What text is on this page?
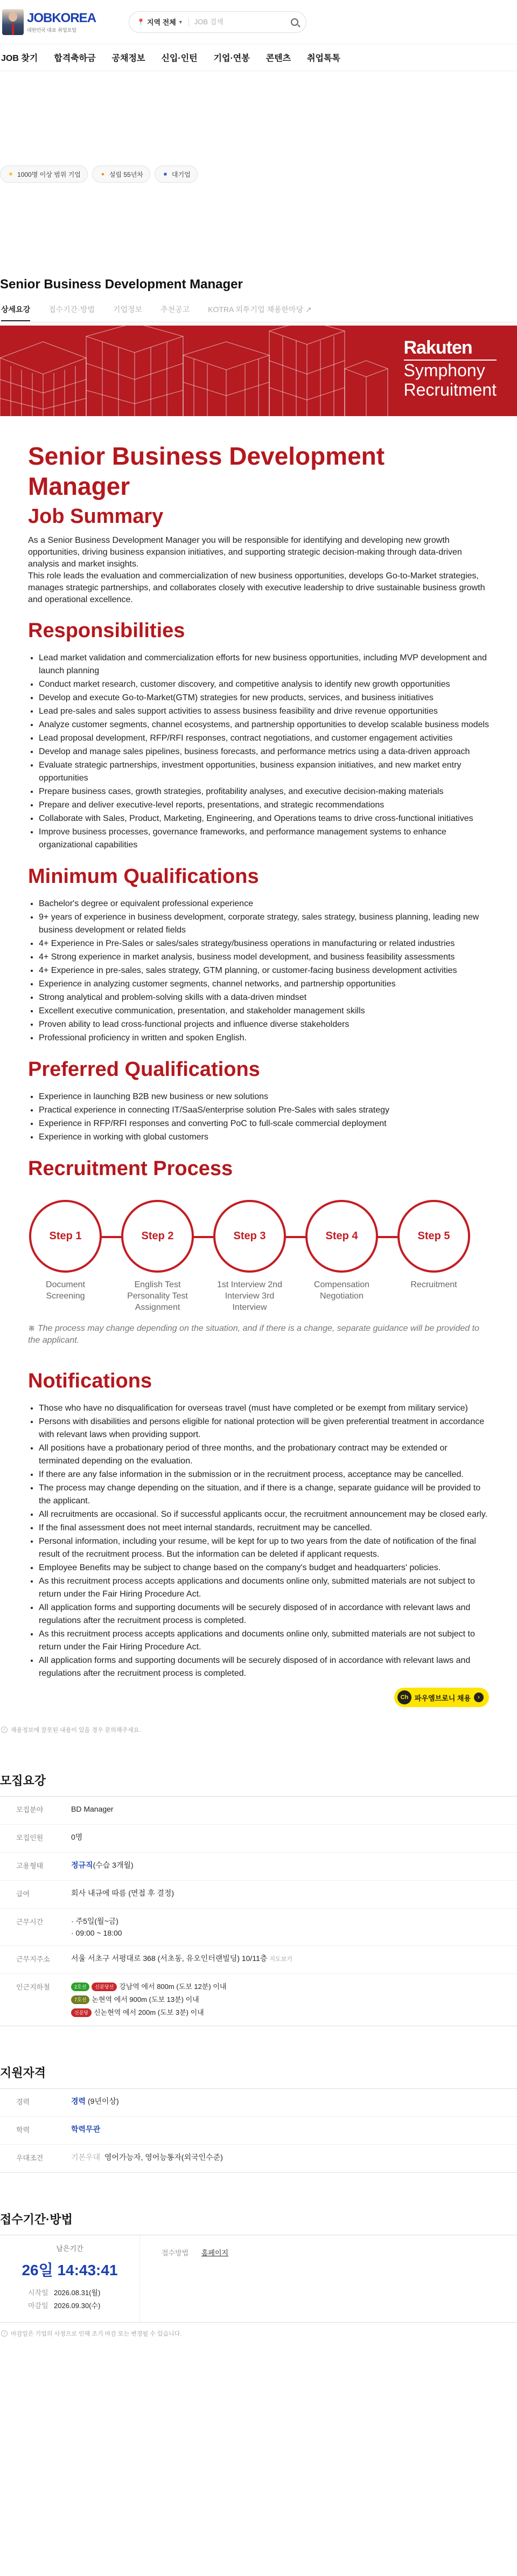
JOBKOREA
대한민국 대표 취업포털
📍 지역 전체 ▼
JOB 검색
JOB 찾기 합격축하금 공채정보 신입·인턴 기업·연봉 콘텐츠 취업톡톡
★ 1000명 이상 범위 기업	● 설립 55년차	■ 대기업
Senior Business Development Manager
상세요강 접수기간·방법 기업정보 추천공고 KOTRA 외투기업 채용한마당 ↗
Rakuten
Symphony
Recruitment
Senior Business Development Manager
Job Summary

As a Senior Business Development Manager you will be responsible for identifying and developing new growth opportunities, driving business expansion initiatives, and supporting strategic decision-making through data-driven analysis and market insights.
This role leads the evaluation and commercialization of new business opportunities, develops Go-to-Market strategies, manages strategic partnerships, and collaborates closely with executive leadership to drive sustainable business growth and operational excellence.

Responsibilities
• Lead market validation and commercialization efforts for new business opportunities, including MVP development and launch planning
• Conduct market research, customer discovery, and competitive analysis to identify new growth opportunities
• Develop and execute Go-to-Market(GTM) strategies for new products, services, and business initiatives
• Lead pre-sales and sales support activities to assess business feasibility and drive revenue opportunities
• Analyze customer segments, channel ecosystems, and partnership opportunities to develop scalable business models
• Lead proposal development, RFP/RFI responses, contract negotiations, and customer engagement activities
• Develop and manage sales pipelines, business forecasts, and performance metrics using a data-driven approach
• Evaluate strategic partnerships, investment opportunities, business expansion initiatives, and new market entry opportunities
• Prepare business cases, growth strategies, profitability analyses, and executive decision-making materials
• Prepare and deliver executive-level reports, presentations, and strategic recommendations
• Collaborate with Sales, Product, Marketing, Engineering, and Operations teams to drive cross-functional initiatives
• Improve business processes, governance frameworks, and performance management systems to enhance organizational capabilities
Minimum Qualifications
• Bachelor's degree or equivalent professional experience
• 9+ years of experience in business development, corporate strategy, sales strategy, business planning, leading new business development or related fields
• 4+ Experience in Pre-Sales or sales/sales strategy/business operations in manufacturing or related industries
• 4+ Strong experience in market analysis, business model development, and business feasibility assessments
• 4+ Experience in pre-sales, sales strategy, GTM planning, or customer-facing business development activities
• Experience in analyzing customer segments, channel networks, and partnership opportunities
• Strong analytical and problem-solving skills with a data-driven mindset
• Excellent executive communication, presentation, and stakeholder management skills
• Proven ability to lead cross-functional projects and influence diverse stakeholders
• Professional proficiency in written and spoken English.
Preferred Qualifications
• Experience in launching B2B new business or new solutions
• Practical experience in connecting IT/SaaS/enterprise solution Pre-Sales with sales strategy
• Experience in RFP/RFI responses and converting PoC to full-scale commercial deployment
• Experience in working with global customers
Recruitment Process
Step 1
Document Screening
Step 2
English Test Personality Test Assignment
Step 3
1st Interview 2nd Interview 3rd Interview
Step 4
Compensation Negotiation
Step 5
Recruitment

※ The process may change depending on the situation, and if there is a change, separate guidance will be provided to the applicant.

Notifications
• Those who have no disqualification for overseas travel (must have completed or be exempt from military service)
• Persons with disabilities and persons eligible for national protection will be given preferential treatment in accordance with relevant laws when providing support.
• All positions have a probationary period of three months, and the probationary contract may be extended or terminated depending on the evaluation.
• If there are any false information in the submission or in the recruitment process, acceptance may be cancelled.
• The process may change depending on the situation, and if there is a change, separate guidance will be provided to the applicant.
• All recruitments are occasional. So if successful applicants occur, the recruitment announcement may be closed early.
• If the final assessment does not meet internal standards, recruitment may be cancelled.
• Personal information, including your resume, will be kept for up to two years from the date of notification of the final result of the recruitment process. But the information can be deleted if applicant requests.
• Employee Benefits may be subject to change based on the company's budget and headquarters' policies.
• As this recruitment process accepts applications and documents online only, submitted materials are not subject to return under the Fair Hiring Procedure Act.
• All application forms and supporting documents will be securely disposed of in accordance with relevant laws and regulations after the recruitment process is completed.
• As this recruitment process accepts applications and documents online only, submitted materials are not subject to return under the Fair Hiring Procedure Act.
• All application forms and supporting documents will be securely disposed of in accordance with relevant laws and regulations after the recruitment process is completed.
Ch 파우엠브로니 채용	›
! 채용정보에 잘못된 내용이 있을 경우 문의해주세요.
모집요강
모집분야	BD Manager
모집인원	0명
고용형태	정규직(수습 3개월)
급여	회사 내규에 따름 (면접 후 결정)
근무시간	· 주5일(월~금)
· 09:00 ~ 18:00
근무지주소	서울 서초구 서평대로 368 (서초동, 유오인터랜빌딩) 10/11층 지도보기
인근지하철	2호선	신분당선 강남역 에서 800m (도보 12분) 이내
7호선 논현역 에서 900m (도보 13분) 이내
신분당 신논현역 에서 200m (도보 3분) 이내
지원자격
경력	경력 (9년이상)
학력	학력무관
우대조건	기본우대 영어가능자, 영어능통자(외국인수준)
접수기간·방법
남은기간
26일 14:43:41
시작일 2026.08.31(월)
마감일 2026.09.30(수)
접수방법 홈페이지
! 마감일은 기업의 사정으로 인해 조기 마감 또는 변경될 수 있습니다.
